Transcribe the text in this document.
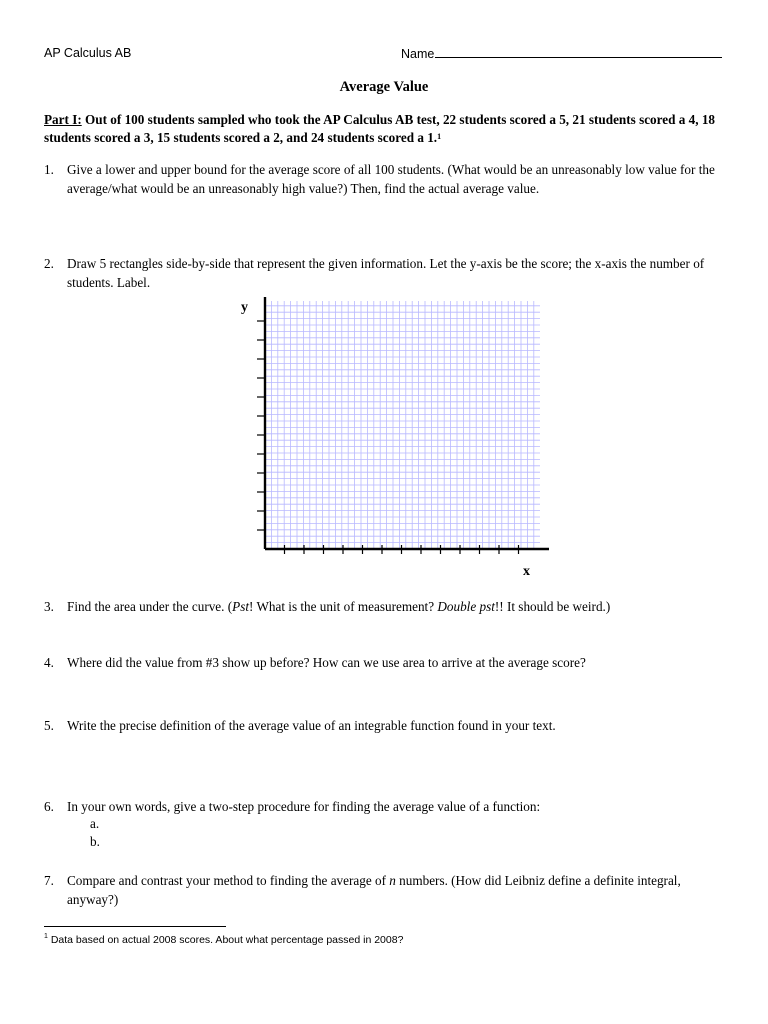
AP Calculus AB	Name
Average Value
Part I: Out of 100 students sampled who took the AP Calculus AB test, 22 students scored a 5, 21 students scored a 4, 18 students scored a 3, 15 students scored a 2, and 24 students scored a 1.$^1$
1. Give a lower and upper bound for the average score of all 100 students. (What would be an unreasonably low value for the average/what would be an unreasonably high value?) Then, find the actual average value.
2. Draw 5 rectangles side-by-side that represent the given information. Let the y-axis be the score; the x-axis the number of students. Label.
y
x
3. Find the area under the curve. (Pst! What is the unit of measurement? Double pst!! It should be weird.)
4. Where did the value from #3 show up before? How can we use area to arrive at the average score?
5. Write the precise definition of the average value of an integrable function found in your text.
6. In your own words, give a two-step procedure for finding the average value of a function:
a.
b.
7. Compare and contrast your method to finding the average of n numbers. (How did Leibniz define a definite integral, anyway?)
$^1$ Data based on actual 2008 scores. About what percentage passed in 2008?
